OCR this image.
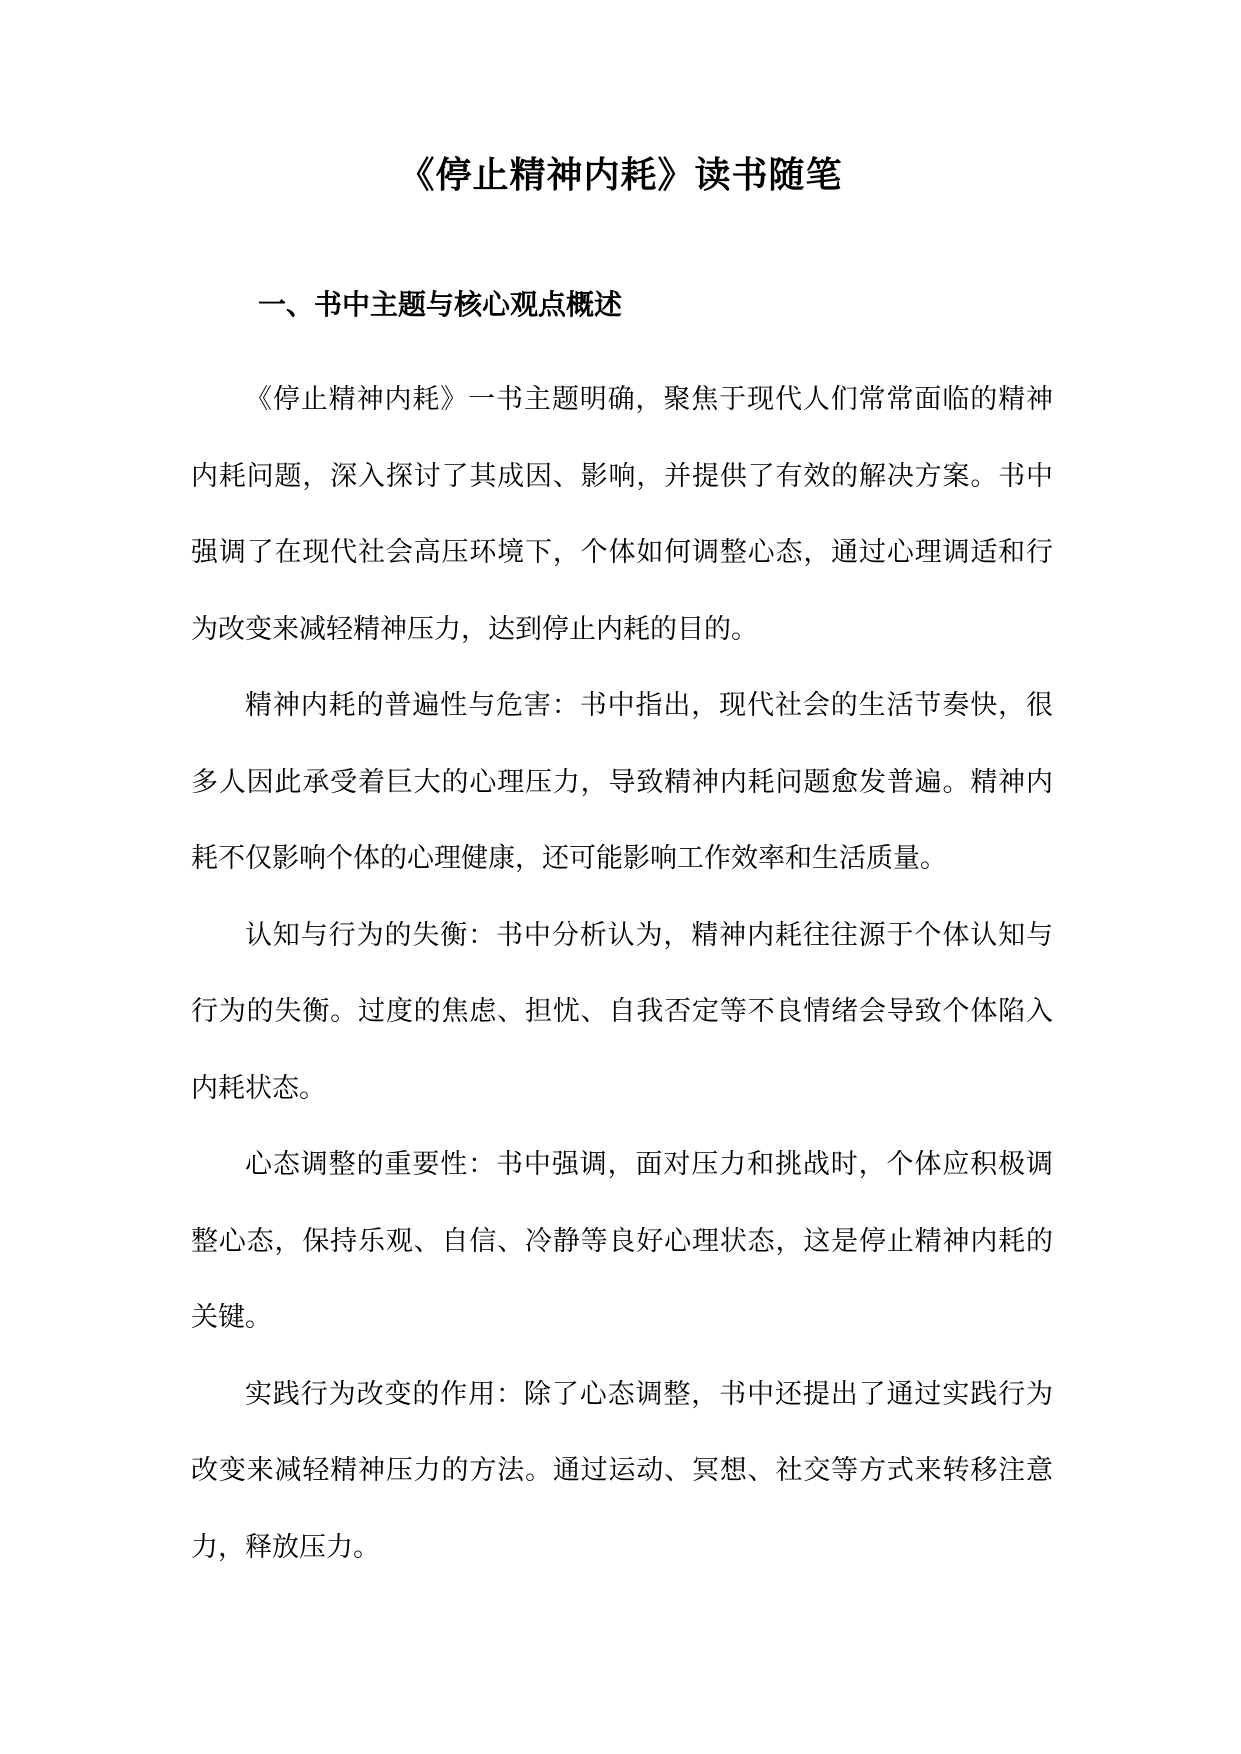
《停止精神内耗》读书随笔
一、书中主题与核心观点概述

《停止精神内耗》一书主题明确，聚焦于现代人们常常面临的精神内耗问题，深入探讨了其成因、影响，并提供了有效的解决方案。书中强调了在现代社会高压环境下，个体如何调整心态，通过心理调适和行为改变来减轻精神压力，达到停止内耗的目的。

精神内耗的普遍性与危害：书中指出，现代社会的生活节奏快，很多人因此承受着巨大的心理压力，导致精神内耗问题愈发普遍。精神内耗不仅影响个体的心理健康，还可能影响工作效率和生活质量。

认知与行为的失衡：书中分析认为，精神内耗往往源于个体认知与行为的失衡。过度的焦虑、担忧、自我否定等不良情绪会导致个体陷入内耗状态。

心态调整的重要性：书中强调，面对压力和挑战时，个体应积极调整心态，保持乐观、自信、冷静等良好心理状态，这是停止精神内耗的关键。

实践行为改变的作用：除了心态调整，书中还提出了通过实践行为改变来减轻精神压力的方法。通过运动、冥想、社交等方式来转移注意力，释放压力。
